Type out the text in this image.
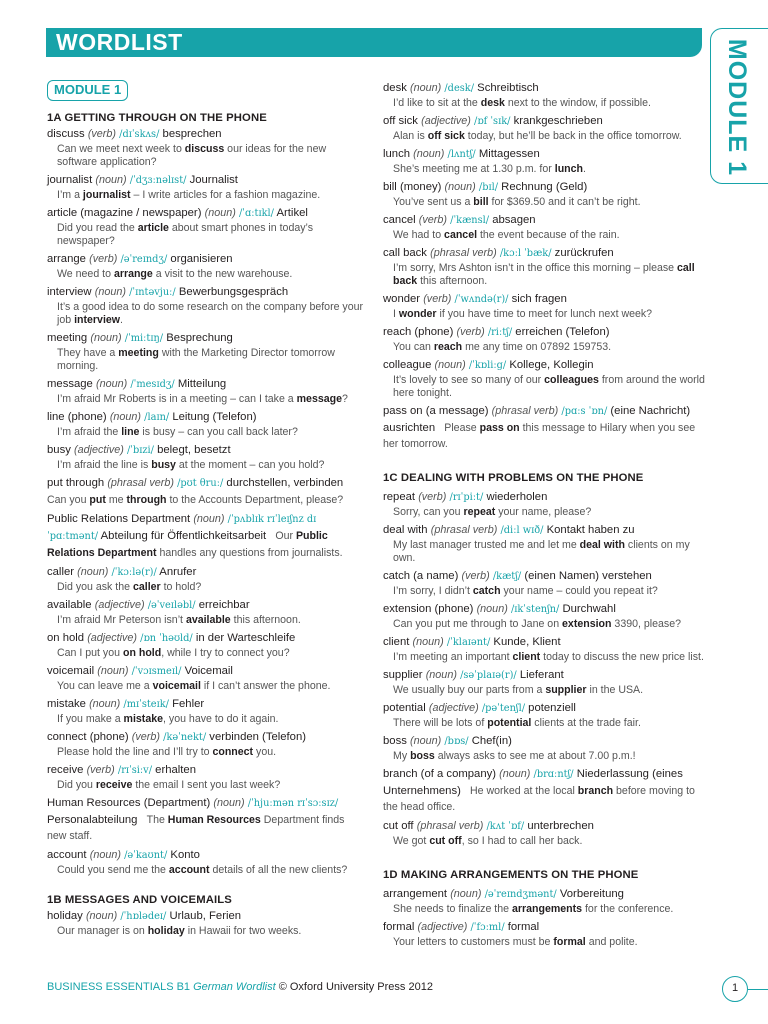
WORDLIST	MODULE 1
MODULE 1
1A GETTING THROUGH ON THE PHONE
discuss (verb) /dɪˈskʌs/ besprechen
Can we meet next week to discuss our ideas for the new software application?
journalist (noun) /ˈdʒɜːnəlɪst/ Journalist
I’m a journalist – I write articles for a fashion magazine.
article (magazine / newspaper) (noun) /ˈɑːtɪkl/ Artikel
Did you read the article about smart phones in today’s newspaper?
arrange (verb) /əˈreɪndʒ/ organisieren
We need to arrange a visit to the new warehouse.
interview (noun) /ˈɪntəvjuː/ Bewerbungsgespräch
It’s a good idea to do some research on the company before your job interview.
meeting (noun) /ˈmiːtɪŋ/ Besprechung
They have a meeting with the Marketing Director tomorrow morning.
message (noun) /ˈmesɪdʒ/ Mitteilung
I’m afraid Mr Roberts is in a meeting – can I take a message?
line (phone) (noun) /laɪn/ Leitung (Telefon)
I’m afraid the line is busy – can you call back later?
busy (adjective) /ˈbɪzi/ belegt, besetzt
I’m afraid the line is busy at the moment – can you hold?
put through (phrasal verb) /pʊt θruː/ durchstellen, verbinden Can you put me through to the Accounts Department, please?
Public Relations Department (noun) /ˈpʌblɪk rɪˈleɪʃnz dɪˈpɑːtmənt/ Abteilung für Öffentlichkeitsarbeit Our Public Relations Department handles any questions from journalists.
caller (noun) /ˈkɔːlə(r)/ Anrufer
Did you ask the caller to hold?
available (adjective) /əˈveɪləbl/ erreichbar
I’m afraid Mr Peterson isn’t available this afternoon.
on hold (adjective) /ɒn ˈhəʊld/ in der Warteschleife
Can I put you on hold, while I try to connect you?
voicemail (noun) /ˈvɔɪsmeɪl/ Voicemail
You can leave me a voicemail if I can’t answer the phone.
mistake (noun) /mɪˈsteɪk/ Fehler
If you make a mistake, you have to do it again.
connect (phone) (verb) /kəˈnekt/ verbinden (Telefon)
Please hold the line and I’ll try to connect you.
receive (verb) /rɪˈsiːv/ erhalten
Did you receive the email I sent you last week?
Human Resources (Department) (noun) /ˈhjuːmən rɪˈsɔːsɪz/ Personalabteilung The Human Resources Department finds new staff.
account (noun) /əˈkaʊnt/ Konto
Could you send me the account details of all the new clients?
1B MESSAGES AND VOICEMAILS
holiday (noun) /ˈhɒlədeɪ/ Urlaub, Ferien
Our manager is on holiday in Hawaii for two weeks.
desk (noun) /desk/ Schreibtisch
I’d like to sit at the desk next to the window, if possible.
off sick (adjective) /ɒf ˈsɪk/ krankgeschrieben
Alan is off sick today, but he’ll be back in the office tomorrow.
lunch (noun) /lʌntʃ/ Mittagessen
She’s meeting me at 1.30 p.m. for lunch.
bill (money) (noun) /bɪl/ Rechnung (Geld)
You’ve sent us a bill for $369.50 and it can’t be right.
cancel (verb) /ˈkænsl/ absagen
We had to cancel the event because of the rain.
call back (phrasal verb) /kɔːl ˈbæk/ zurückrufen
I’m sorry, Mrs Ashton isn’t in the office this morning – please call back this afternoon.
wonder (verb) /ˈwʌndə(r)/ sich fragen
I wonder if you have time to meet for lunch next week?
reach (phone) (verb) /riːtʃ/ erreichen (Telefon)
You can reach me any time on 07892 159753.
colleague (noun) /ˈkɒliːg/ Kollege, Kollegin
It’s lovely to see so many of our colleagues from around the world here tonight.
pass on (a message) (phrasal verb) /pɑːs ˈɒn/ (eine Nachricht) ausrichten Please pass on this message to Hilary when you see her tomorrow.
1C DEALING WITH PROBLEMS ON THE PHONE
repeat (verb) /rɪˈpiːt/ wiederholen
Sorry, can you repeat your name, please?
deal with (phrasal verb) /diːl wɪð/ Kontakt haben zu
My last manager trusted me and let me deal with clients on my own.
catch (a name) (verb) /kætʃ/ (einen Namen) verstehen
I’m sorry, I didn’t catch your name – could you repeat it?
extension (phone) (noun) /ɪkˈstenʃn/ Durchwahl
Can you put me through to Jane on extension 3390, please?
client (noun) /ˈklaɪənt/ Kunde, Klient
I’m meeting an important client today to discuss the new price list.
supplier (noun) /səˈplaɪə(r)/ Lieferant
We usually buy our parts from a supplier in the USA.
potential (adjective) /pəˈtenʃl/ potenziell
There will be lots of potential clients at the trade fair.
boss (noun) /bɒs/ Chef(in)
My boss always asks to see me at about 7.00 p.m.!
branch (of a company) (noun) /brɑːntʃ/ Niederlassung (eines Unternehmens) He worked at the local branch before moving to the head office.
cut off (phrasal verb) /kʌt ˈɒf/ unterbrechen
We got cut off, so I had to call her back.
1D MAKING ARRANGEMENTS ON THE PHONE
arrangement (noun) /əˈreɪndʒmənt/ Vorbereitung
She needs to finalize the arrangements for the conference.
formal (adjective) /ˈfɔːml/ formal
Your letters to customers must be formal and polite.
BUSINESS ESSENTIALS B1 German Wordlist © Oxford University Press 2012	1
